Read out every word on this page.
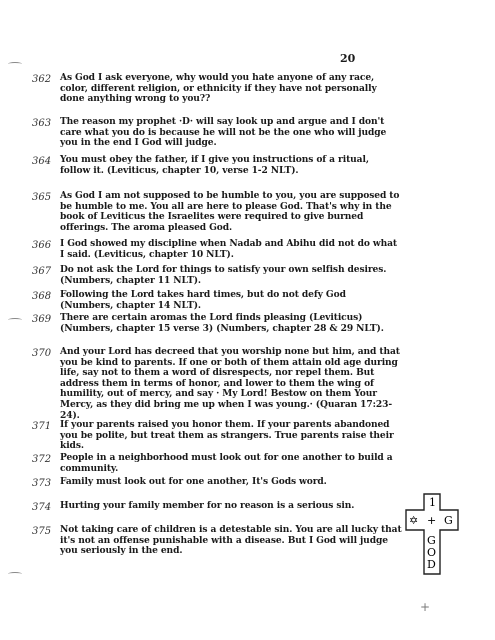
20
362 As God I ask everyone, why would you hate anyone of any race, color, different religion, or ethnicity if they have not personally done anything wrong to you??
363 The reason my prophet ·D· will say look up and argue and I don't care what you do is because he will not be the one who will judge you in the end I God will judge.
364 You must obey the father, if I give you instructions of a ritual, follow it. (Leviticus, chapter 10, verse 1-2 NLT).
365 As God I am not supposed to be humble to you, you are supposed to be humble to me. You all are here to please God. That's why in the book of Leviticus the Israelites were required to give burned offerings. The aroma pleased God.
366 I God showed my discipline when Nadab and Abihu did not do what I said. (Leviticus, chapter 10 NLT).
367 Do not ask the Lord for things to satisfy your own selfish desires. (Numbers, chapter 11 NLT).
368 Following the Lord takes hard times, but do not defy God (Numbers, chapter 14 NLT).
369 There are certain aromas the Lord finds pleasing (Leviticus) (Numbers, chapter 15 verse 3) (Numbers, chapter 28 & 29 NLT).
370 And your Lord has decreed that you worship none but him, and that you be kind to parents. If one or both of them attain old age during life, say not to them a word of disrespects, nor repel them. But address them in terms of honor, and lower to them the wing of humility, out of mercy, and say · My Lord! Bestow on them Your Mercy, as they did bring me up when I was young.· (Quaran 17:23-24).
371 If your parents raised you honor them. If your parents abandoned you be polite, but treat them as strangers. True parents raise their kids.
372 People in a neighborhood must look out for one another to build a community.
373 Family must look out for one another, It's Gods word.
374 Hurting your family member for no reason is a serious sin.
375 Not taking care of children is a detestable sin. You are all lucky that it's not an offense punishable with a disease. But I God will judge you seriously in the end.
1
✡ + G
G
O
D
+
